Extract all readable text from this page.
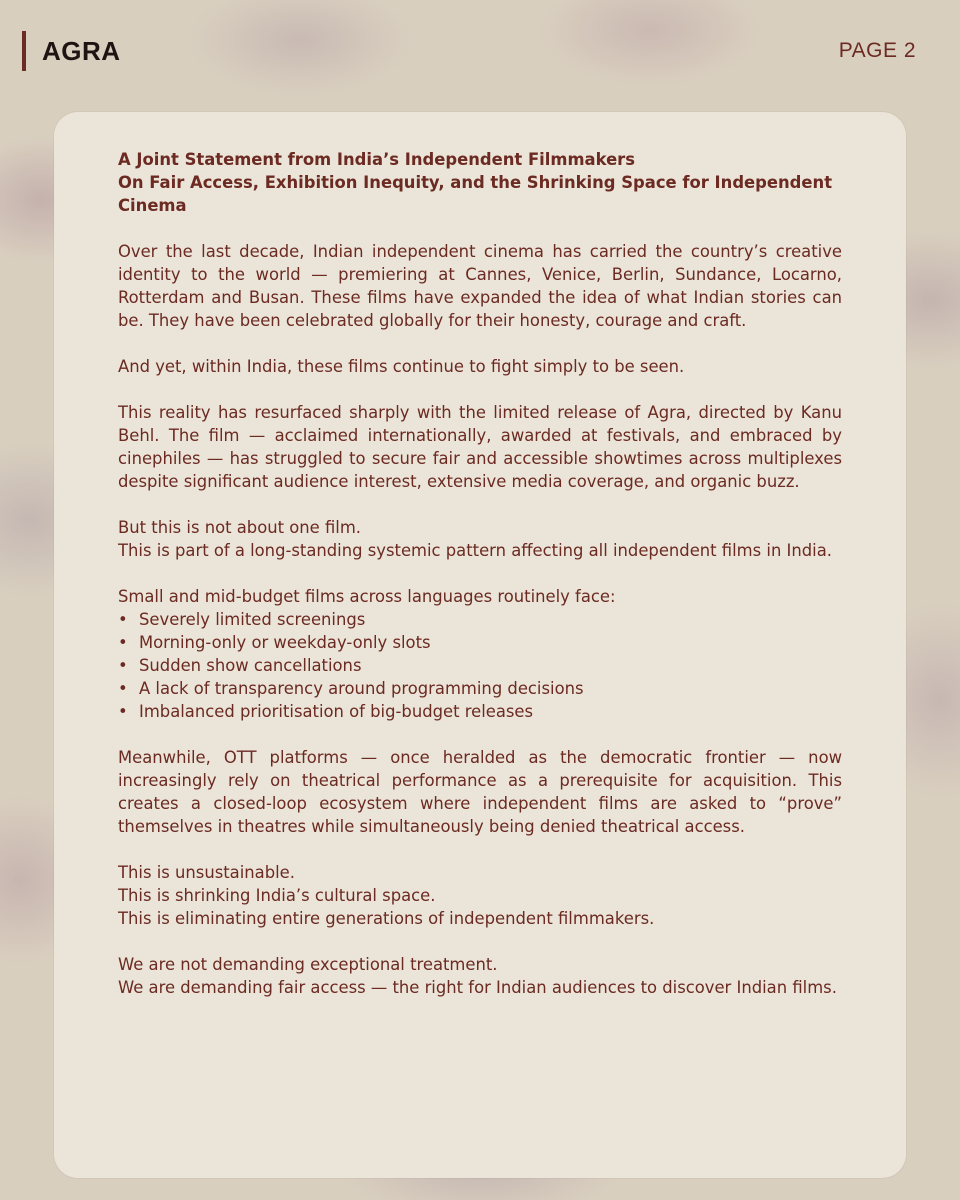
AGRA	PAGE 2

A Joint Statement from India’s Independent Filmmakers
On Fair Access, Exhibition Inequity, and the Shrinking Space for Independent Cinema

Over the last decade, Indian independent cinema has carried the country’s creative identity to the world — premiering at Cannes, Venice, Berlin, Sundance, Locarno, Rotterdam and Busan. These films have expanded the idea of what Indian stories can be. They have been celebrated globally for their honesty, courage and craft.

And yet, within India, these films continue to fight simply to be seen.

This reality has resurfaced sharply with the limited release of Agra, directed by Kanu Behl. The film — acclaimed internationally, awarded at festivals, and embraced by cinephiles — has struggled to secure fair and accessible showtimes across multiplexes despite significant audience interest, extensive media coverage, and organic buzz.

But this is not about one film.
This is part of a long-standing systemic pattern affecting all independent films in India.

Small and mid-budget films across languages routinely face:
• Severely limited screenings
• Morning-only or weekday-only slots
• Sudden show cancellations
• A lack of transparency around programming decisions
• Imbalanced prioritisation of big-budget releases

Meanwhile, OTT platforms — once heralded as the democratic frontier — now increasingly rely on theatrical performance as a prerequisite for acquisition. This creates a closed-loop ecosystem where independent films are asked to “prove” themselves in theatres while simultaneously being denied theatrical access.

This is unsustainable.
This is shrinking India’s cultural space.
This is eliminating entire generations of independent filmmakers.

We are not demanding exceptional treatment.
We are demanding fair access — the right for Indian audiences to discover Indian films.
